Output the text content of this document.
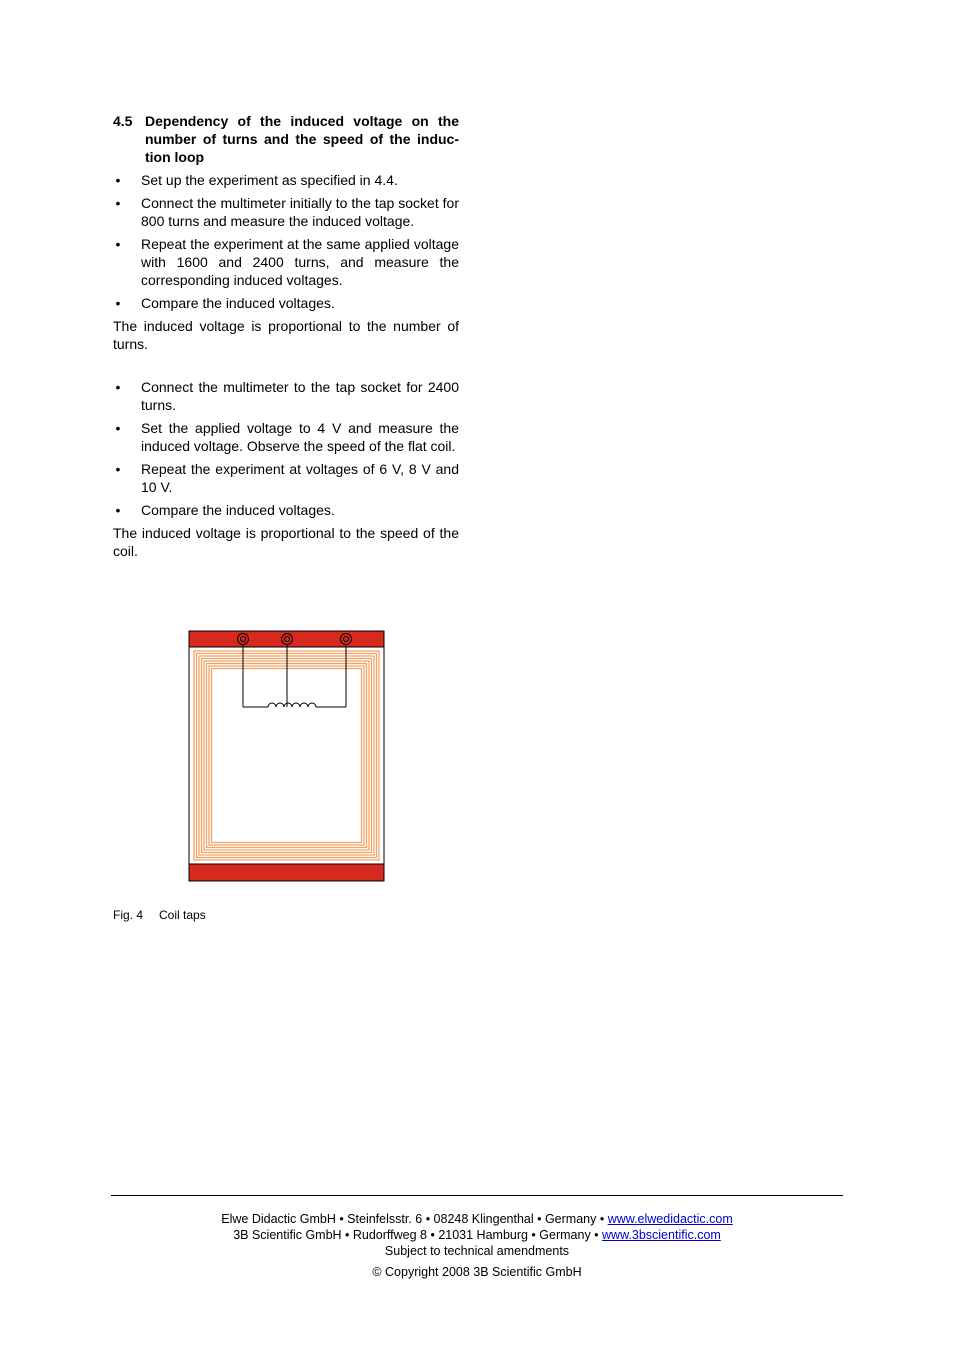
4.5 Dependency of the induced voltage on the number of turns and the speed of the induc-tion loop
• Set up the experiment as specified in 4.4.
• Connect the multimeter initially to the tap socket for 800 turns and measure the induced voltage.
• Repeat the experiment at the same applied voltage with 1600 and 2400 turns, and measure the corresponding induced voltages.
• Compare the induced voltages.

The induced voltage is proportional to the number of turns.

• Connect the multimeter to the tap socket for 2400 turns.
• Set the applied voltage to 4 V and measure the induced voltage. Observe the speed of the flat coil.
• Repeat the experiment at voltages of 6 V, 8 V and 10 V.
• Compare the induced voltages.

The induced voltage is proportional to the speed of the coil.

Fig. 4 Coil taps
Elwe Didactic GmbH • Steinfelsstr. 6 • 08248 Klingenthal • Germany • www.elwedidactic.com
3B Scientific GmbH • Rudorffweg 8 • 21031 Hamburg • Germany • www.3bscientific.com
Subject to technical amendments
© Copyright 2008 3B Scientific GmbH
